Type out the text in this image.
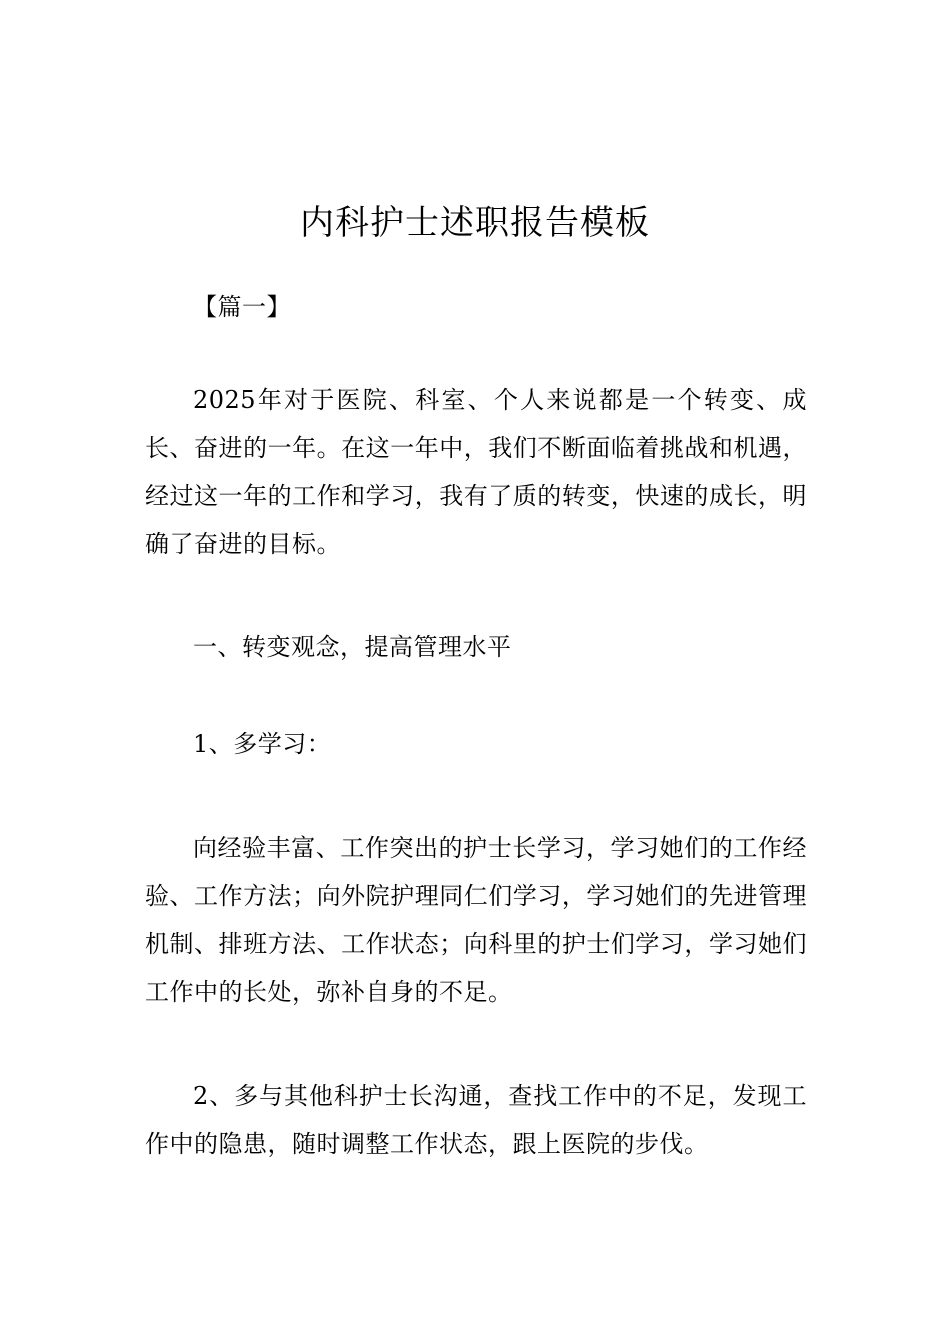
内科护士述职报告模板
【篇一】
2025年对于医院、科室、个人来说都是一个转变、成长、奋进的一年。在这一年中，我们不断面临着挑战和机遇，经过这一年的工作和学习，我有了质的转变，快速的成长，明确了奋进的目标。
一、转变观念，提高管理水平
1、多学习：
向经验丰富、工作突出的护士长学习，学习她们的工作经验、工作方法；向外院护理同仁们学习，学习她们的先进管理机制、排班方法、工作状态；向科里的护士们学习，学习她们工作中的长处，弥补自身的不足。
2、多与其他科护士长沟通，查找工作中的不足，发现工作中的隐患，随时调整工作状态，跟上医院的步伐。
